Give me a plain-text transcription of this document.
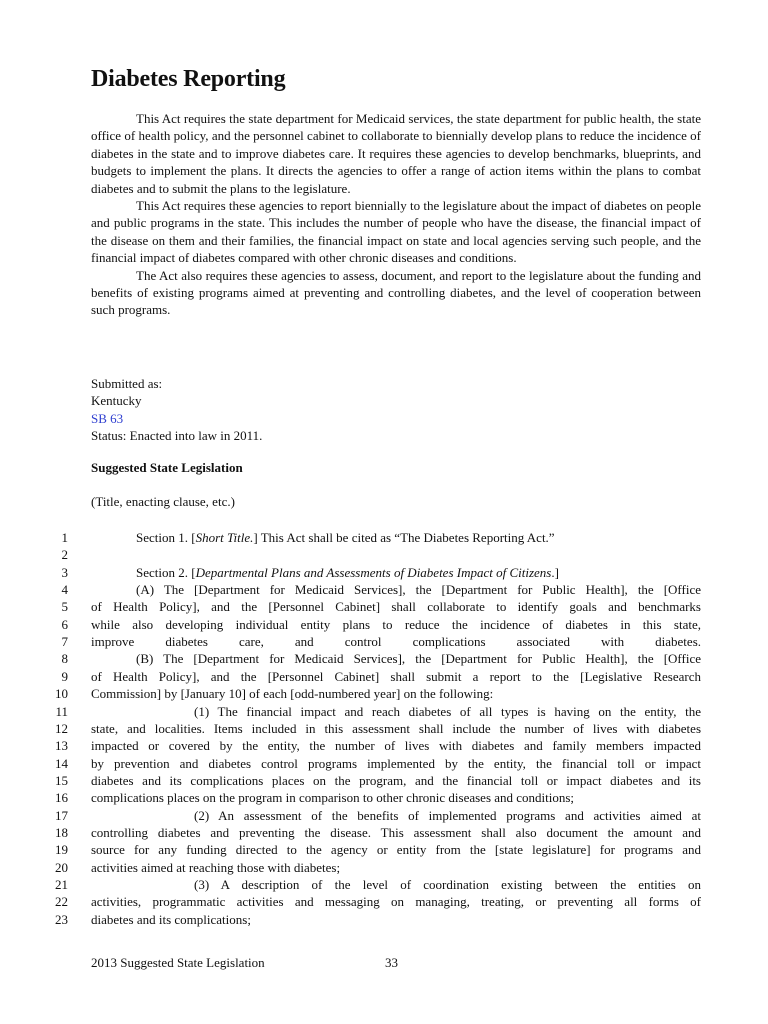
Diabetes Reporting

This Act requires the state department for Medicaid services, the state department for public health, the state office of health policy, and the personnel cabinet to collaborate to biennially develop plans to reduce the incidence of diabetes in the state and to improve diabetes care. It requires these agencies to develop benchmarks, blueprints, and budgets to implement the plans. It directs the agencies to offer a range of action items within the plans to combat diabetes and to submit the plans to the legislature.

This Act requires these agencies to report biennially to the legislature about the impact of diabetes on people and public programs in the state. This includes the number of people who have the disease, the financial impact of the disease on them and their families, the financial impact on state and local agencies serving such people, and the financial impact of diabetes compared with other chronic diseases and conditions.

The Act also requires these agencies to assess, document, and report to the legislature about the funding and benefits of existing programs aimed at preventing and controlling diabetes, and the level of cooperation between such programs.

Submitted as:
Kentucky
SB 63
Status: Enacted into law in 2011.
Suggested State Legislation
(Title, enacting clause, etc.)
1	Section 1. [Short Title.] This Act shall be cited as “The Diabetes Reporting Act.”
2
3	Section 2. [Departmental Plans and Assessments of Diabetes Impact of Citizens.]
4	(A) The [Department for Medicaid Services], the [Department for Public Health], the [Office
5 of Health Policy], and the [Personnel Cabinet] shall collaborate to identify goals and benchmarks
6 while also developing individual entity plans to reduce the incidence of diabetes in this state,
7 improve diabetes care, and control complications associated with diabetes.
8	(B) The [Department for Medicaid Services], the [Department for Public Health], the [Office
9 of Health Policy], and the [Personnel Cabinet] shall submit a report to the [Legislative Research
10 Commission] by [January 10] of each [odd-numbered year] on the following:
11	(1) The financial impact and reach diabetes of all types is having on the entity, the
12 state, and localities. Items included in this assessment shall include the number of lives with diabetes
13 impacted or covered by the entity, the number of lives with diabetes and family members impacted
14 by prevention and diabetes control programs implemented by the entity, the financial toll or impact
15 diabetes and its complications places on the program, and the financial toll or impact diabetes and its
16 complications places on the program in comparison to other chronic diseases and conditions;
17	(2) An assessment of the benefits of implemented programs and activities aimed at
18 controlling diabetes and preventing the disease. This assessment shall also document the amount and
19 source for any funding directed to the agency or entity from the [state legislature] for programs and
20 activities aimed at reaching those with diabetes;
21	(3) A description of the level of coordination existing between the entities on
22 activities, programmatic activities and messaging on managing, treating, or preventing all forms of
23 diabetes and its complications;
2013 Suggested State Legislation	33
